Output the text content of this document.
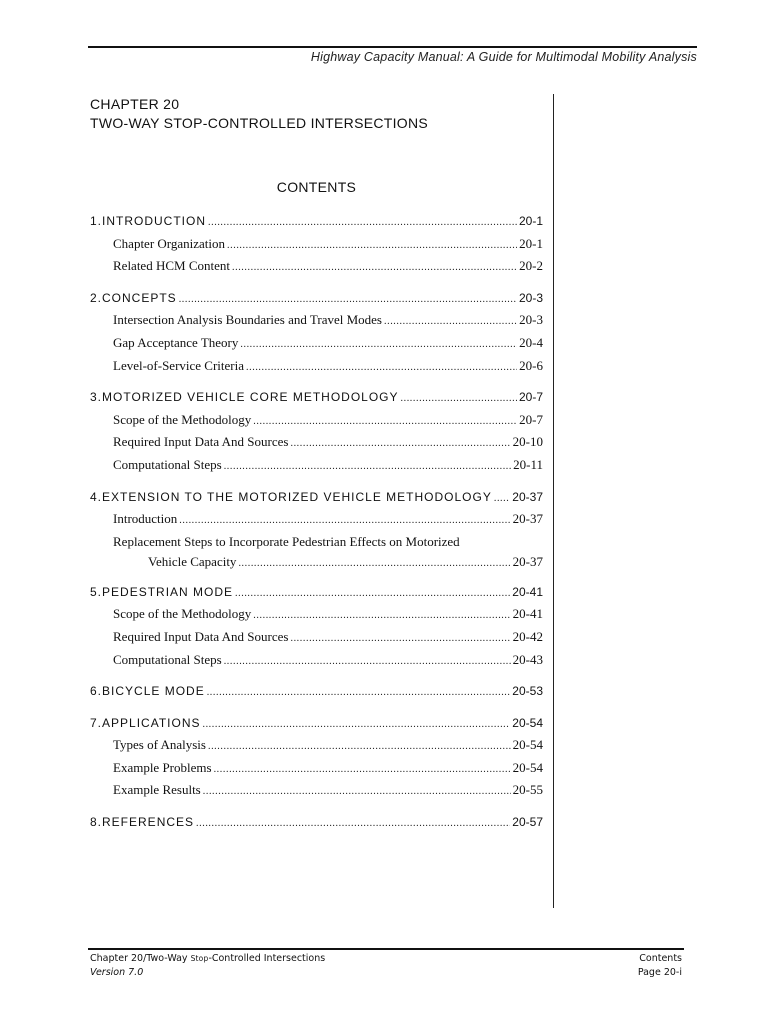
Highway Capacity Manual: A Guide for Multimodal Mobility Analysis
CHAPTER 20
TWO-WAY STOP-CONTROLLED INTERSECTIONS
CONTENTS
1.INTRODUCTION .....	20-1
Chapter Organization .....	20-1
Related HCM Content .....	20-2
2.CONCEPTS .....	20-3
Intersection Analysis Boundaries and Travel Modes .....	20-3
Gap Acceptance Theory .....	20-4
Level-of-Service Criteria .....	20-6
3.MOTORIZED VEHICLE CORE METHODOLOGY .....	20-7
Scope of the Methodology .....	20-7
Required Input Data And Sources .....	20-10
Computational Steps .....	20-11
4.EXTENSION TO THE MOTORIZED VEHICLE METHODOLOGY ..... 20-37
Introduction .....	20-37
Replacement Steps to Incorporate Pedestrian Effects on Motorized
Vehicle Capacity .....	20-37
5.PEDESTRIAN MODE .....	20-41
Scope of the Methodology .....	20-41
Required Input Data And Sources .....	20-42
Computational Steps .....	20-43
6.BICYCLE MODE .....	20-53
7.APPLICATIONS .....	20-54
Types of Analysis .....	20-54
Example Problems .....	20-54
Example Results .....	20-55
8.REFERENCES .....	20-57
Chapter 20/Two-Way Stop-Controlled Intersections
Version 7.0
Contents
Page 20-i
